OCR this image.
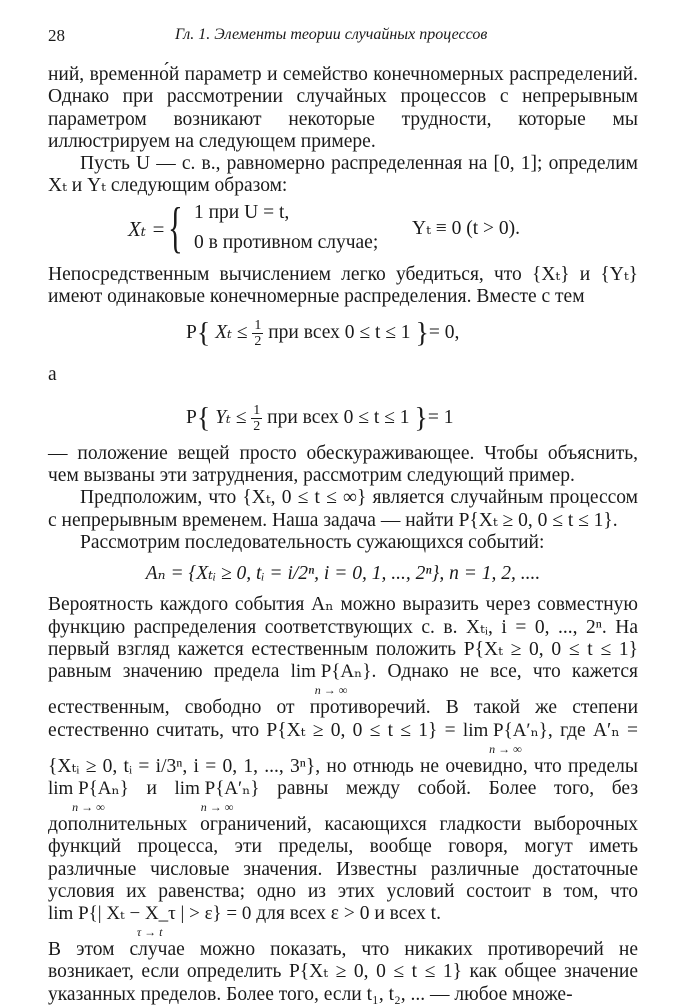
28	Гл. 1. Элементы теории случайных процессов

ний, временно́й параметр и семейство конечномерных распределений. Однако при рассмотрении случайных процессов с непрерывным параметром возникают некоторые трудности, которые мы иллюстрируем на следующем примере.

Пусть U — с. в., равномерно распределенная на [0, 1]; определим Xₜ и Yₜ следующим образом:

Xₜ = { 1 при U = t,
0 в противном случае;
Yₜ ≡ 0 (t > 0).

Непосредственным вычислением легко убедиться, что {Xₜ} и {Yₜ} имеют одинаковые конечномерные распределения. Вместе с тем

P{ $X_t \le \frac{1}{2}$ при всех 0 ≤ t ≤ 1 }= 0,

а

P{ $Y_t \le \frac{1}{2}$ при всех 0 ≤ t ≤ 1 }= 1

— положение вещей просто обескураживающее. Чтобы объяснить, чем вызваны эти затруднения, рассмотрим следующий пример.

Предположим, что {Xₜ, 0 ≤ t ≤ ∞} является случайным процессом с непрерывным временем. Наша задача — найти P{Xₜ ≥ 0, 0 ≤ t ≤ 1}.

Рассмотрим последовательность сужающихся событий:

Aₙ = {Xₜᵢ ≥ 0, tᵢ = i/2ⁿ, i = 0, 1, ..., 2ⁿ}, n = 1, 2, ....

Вероятность каждого события Aₙ можно выразить через совместную функцию распределения соответствующих с. в. Xₜᵢ, i = 0, ..., 2ⁿ. На первый взгляд кажется естественным положить P{Xₜ ≥ 0, 0 ≤ t ≤ 1} равным значению предела lim P{Aₙ}
n → ∞
. Однако не все, что кажется естественным, свободно от противоречий. В такой же степени естественно считать, что P{Xₜ ≥ 0, 0 ≤ t ≤ 1} = lim P{A′ₙ}
n → ∞
, где A′ₙ = {Xₜᵢ ≥ 0, tᵢ = i/3ⁿ, i = 0, 1, ..., 3ⁿ}, но отнюдь не очевидно, что пределы
lim P{Aₙ}
n → ∞
и lim P{A′ₙ}
n → ∞
равны между собой. Более того, без дополнительных ограничений, касающихся гладкости выборочных функций процесса, эти пределы, вообще говоря, могут иметь различные числовые значения. Известны различные достаточные условия их равенства; одно из этих условий состоит в том, что
lim P{| Xₜ − X_τ | > ε} = 0
τ → t
для всех ε > 0 и всех t.

В этом случае можно показать, что никаких противоречий не возникает, если определить P{Xₜ ≥ 0, 0 ≤ t ≤ 1} как общее значение указанных пределов. Более того, если t₁, t₂, ... — любое множе-
